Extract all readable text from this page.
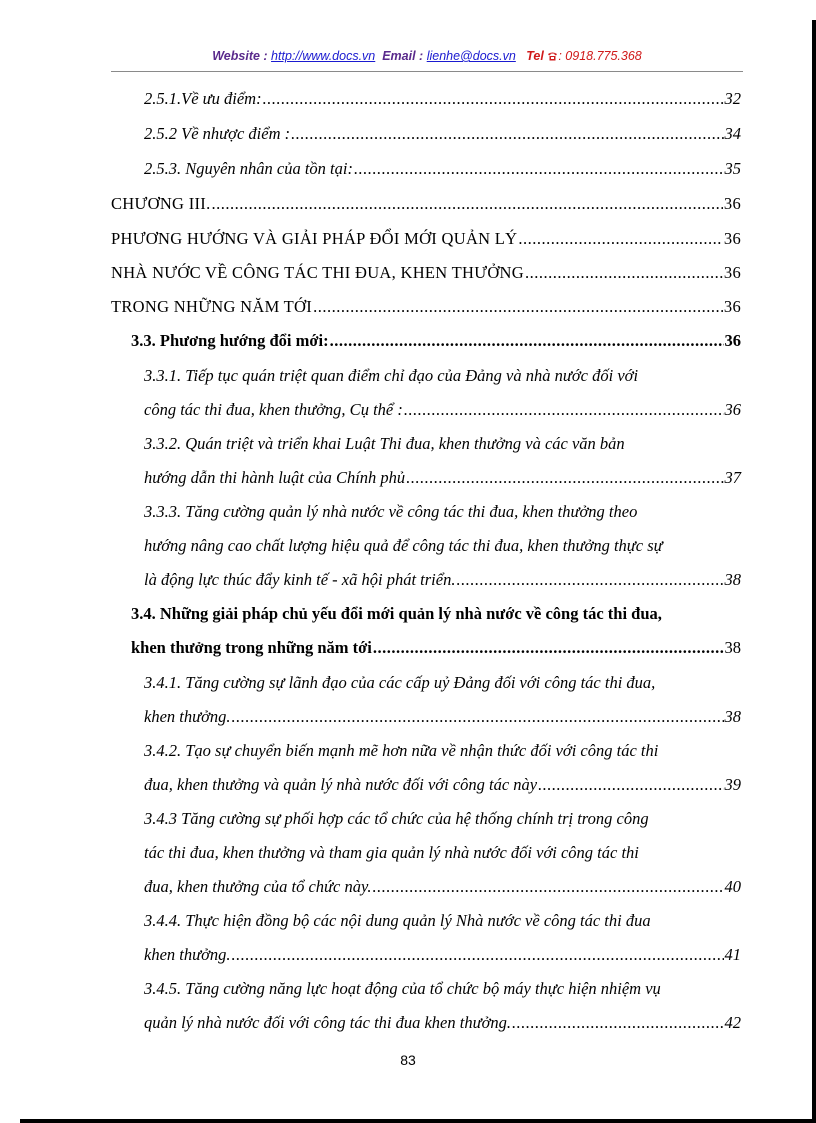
Website : http://www.docs.vn Email : lienhe@docs.vn Tel : 0918.775.368
2.5.1.Về ưu điểm: .....	32
2.5.2 Về nhược điểm : .....	34
2.5.3. Nguyên nhân của tồn tại: .....	35
CHƯƠNG III. .....	36
PHƯƠNG HƯỚNG VÀ GIẢI PHÁP ĐỔI MỚI QUẢN LÝ .....	36
NHÀ NƯỚC VỀ CÔNG TÁC THI ĐUA, KHEN THƯỞNG .....	36
TRONG NHỮNG NĂM TỚI .....	36
3.3. Phương hướng đổi mới: .....	36
3.3.1. Tiếp tục quán triệt quan điểm chỉ đạo của Đảng và nhà nước đối với
công tác thi đua, khen thưởng, Cụ thể : .....	36
3.3.2. Quán triệt và triển khai Luật Thi đua, khen thưởng và các văn bản
hướng dẫn thi hành luật của Chính phủ .....	37
3.3.3. Tăng cường quản lý nhà nước về công tác thi đua, khen thưởng theo
hướng nâng cao chất lượng hiệu quả để công tác thi đua, khen thưởng thực sự
là động lực thúc đẩy kinh tế - xã hội phát triển. .....	38
3.4. Những giải pháp chủ yếu đổi mới quản lý nhà nước về công tác thi đua,
khen thưởng trong những năm tới .....	38
3.4.1. Tăng cường sự lãnh đạo của các cấp uỷ Đảng đối với công tác thi đua,
khen thưởng. .....	38
3.4.2. Tạo sự chuyển biến mạnh mẽ hơn nữa về nhận thức đối với công tác thi
đua, khen thưởng và quản lý nhà nước đối với công tác này .....	39
3.4.3 Tăng cường sự phối hợp các tổ chức của hệ thống chính trị trong công
tác thi đua, khen thưởng và tham gia quản lý nhà nước đối với công tác thi
đua, khen thưởng của tổ chức này. .....	40
3.4.4. Thực hiện đồng bộ các nội dung quản lý Nhà nước về công tác thi đua
khen thưởng. .....	41
3.4.5. Tăng cường năng lực hoạt động của tổ chức bộ máy thực hiện nhiệm vụ
quản lý nhà nước đối với công tác thi đua khen thưởng. .....	42
83
